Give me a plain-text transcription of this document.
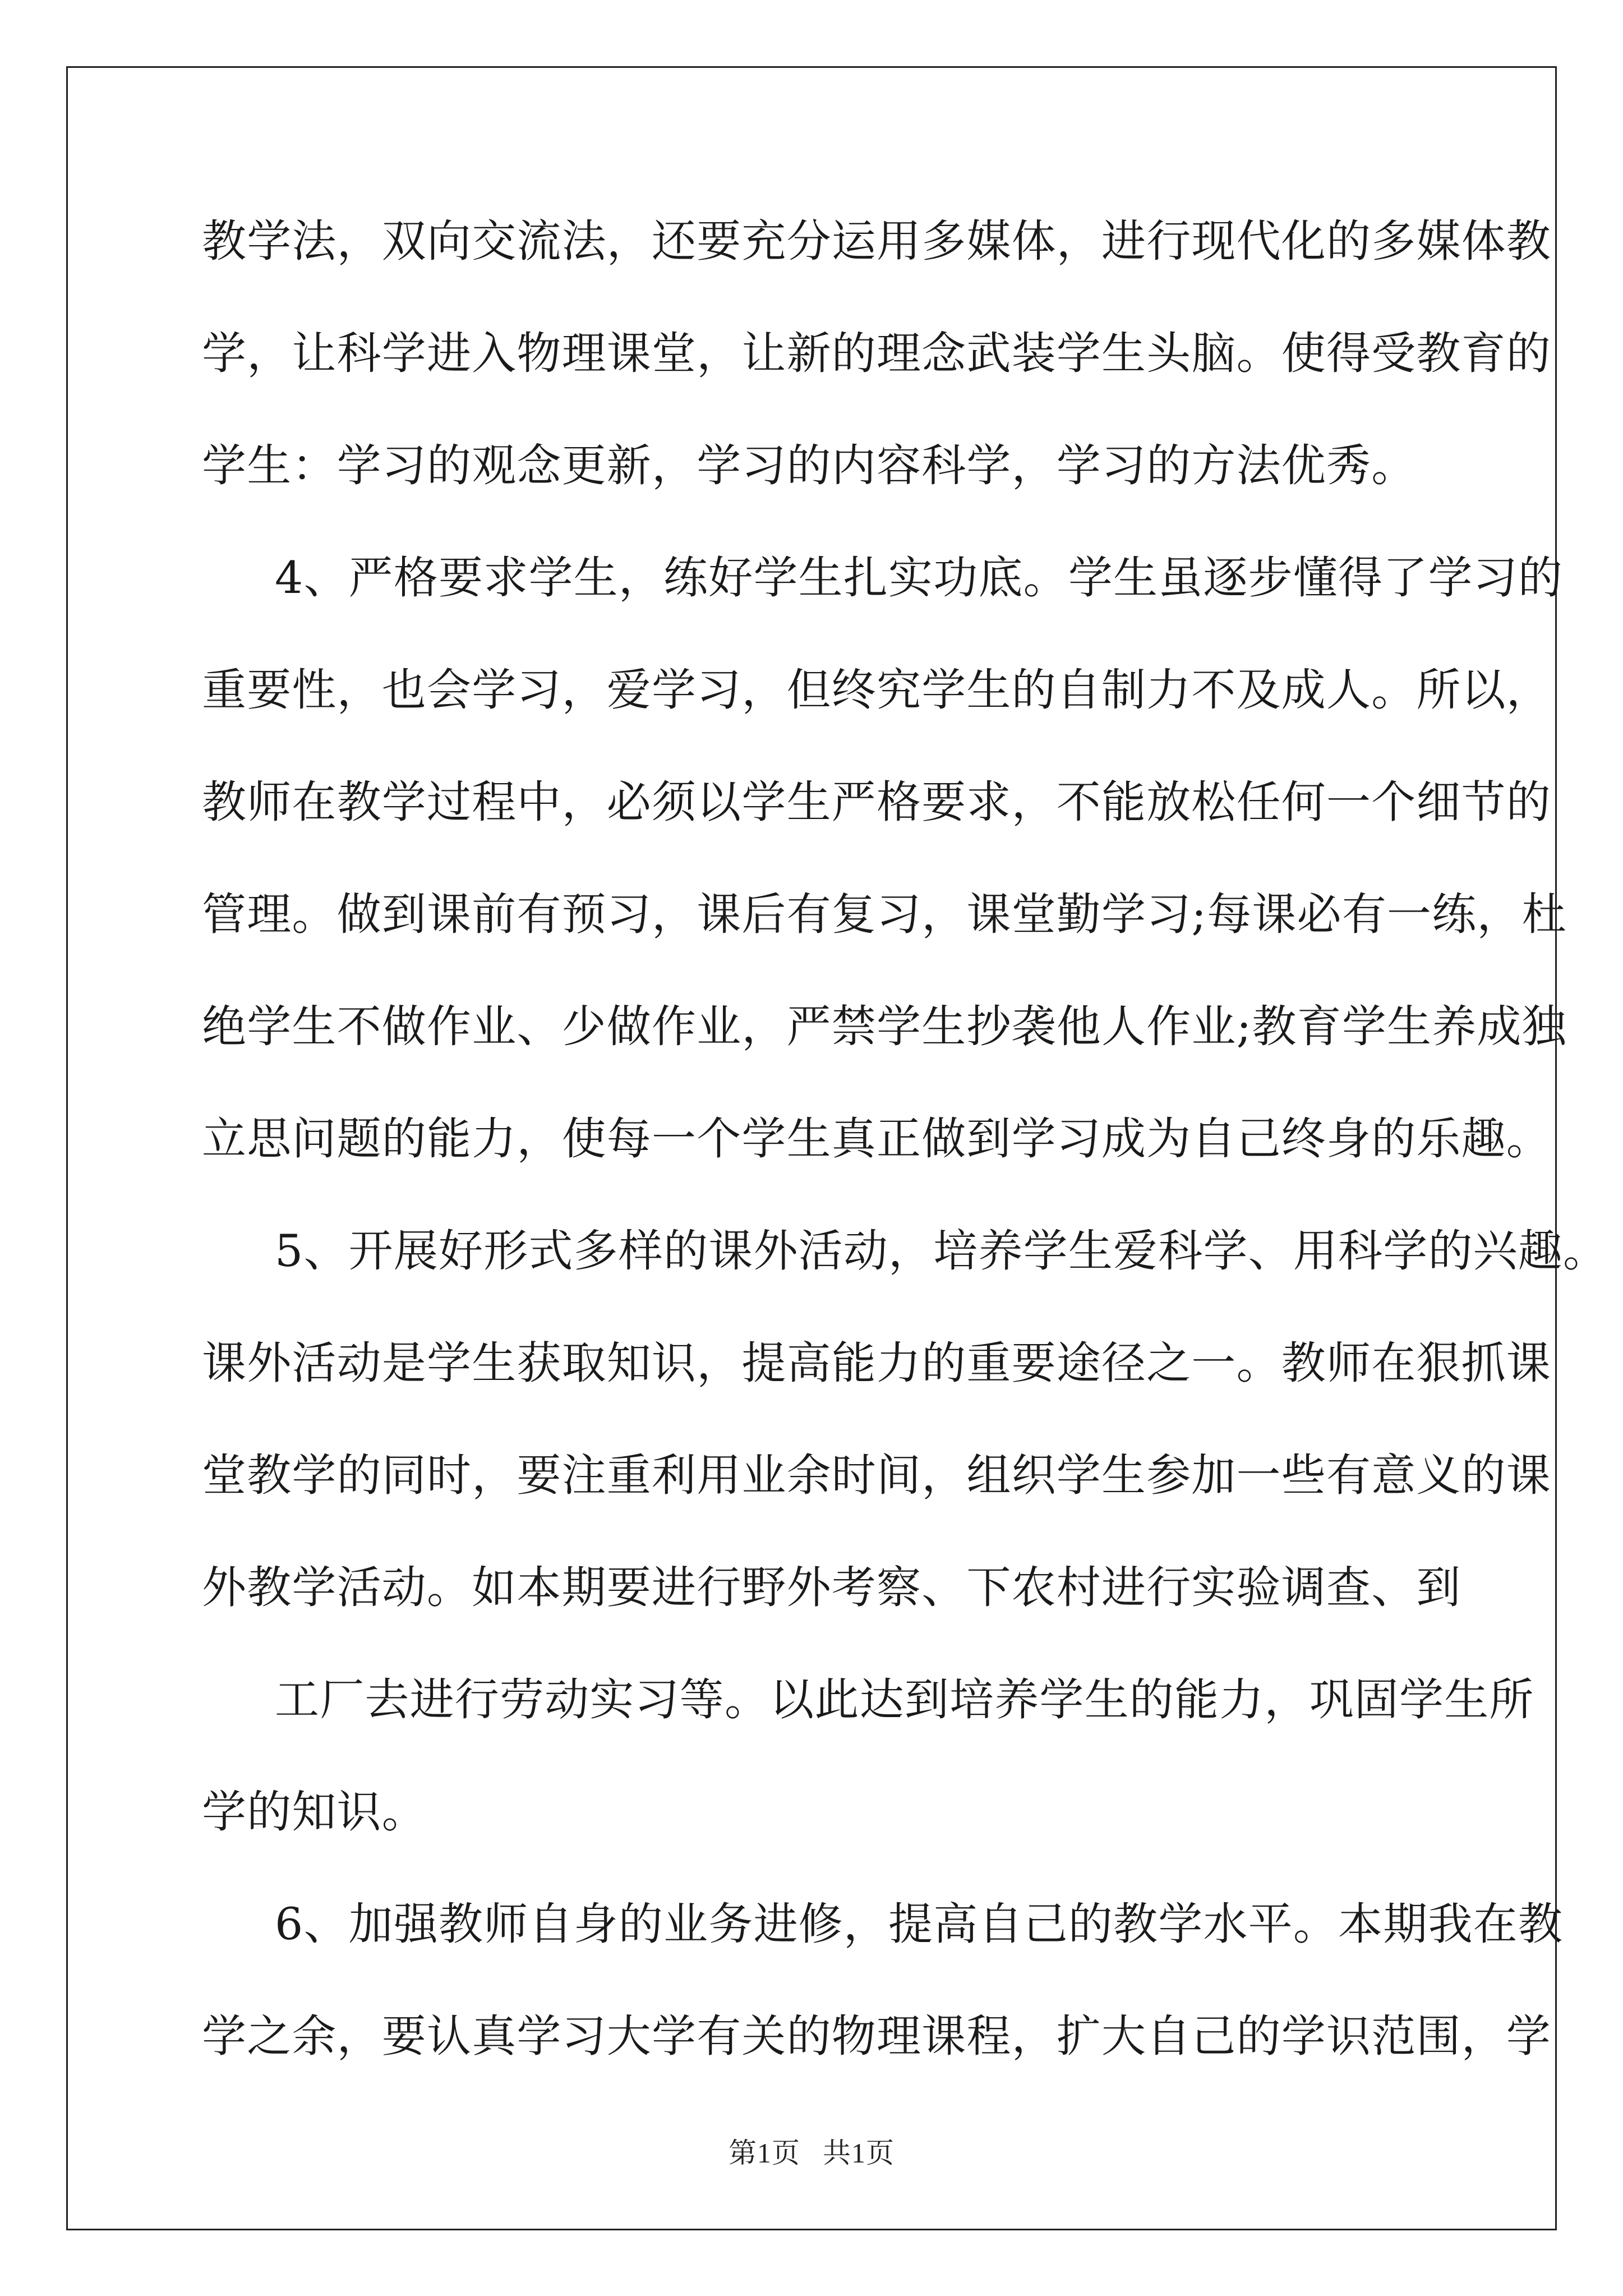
教学法，双向交流法，还要充分运用多媒体，进行现代化的多媒体教
学，让科学进入物理课堂，让新的理念武装学生头脑。使得受教育的
学生：学习的观念更新，学习的内容科学，学习的方法优秀。
4、严格要求学生，练好学生扎实功底。学生虽逐步懂得了学习的
重要性，也会学习，爱学习，但终究学生的自制力不及成人。所以，
教师在教学过程中，必须以学生严格要求，不能放松任何一个细节的
管理。做到课前有预习，课后有复习，课堂勤学习;每课必有一练，杜
绝学生不做作业、少做作业，严禁学生抄袭他人作业;教育学生养成独
立思问题的能力，使每一个学生真正做到学习成为自己终身的乐趣。
5、开展好形式多样的课外活动，培养学生爱科学、用科学的兴趣。
课外活动是学生获取知识，提高能力的重要途径之一。教师在狠抓课
堂教学的同时，要注重利用业余时间，组织学生参加一些有意义的课
外教学活动。如本期要进行野外考察、下农村进行实验调查、到
工厂去进行劳动实习等。以此达到培养学生的能力，巩固学生所
学的知识。
6、加强教师自身的业务进修，提高自己的教学水平。本期我在教
学之余，要认真学习大学有关的物理课程，扩大自己的学识范围，学
第1页 共1页
